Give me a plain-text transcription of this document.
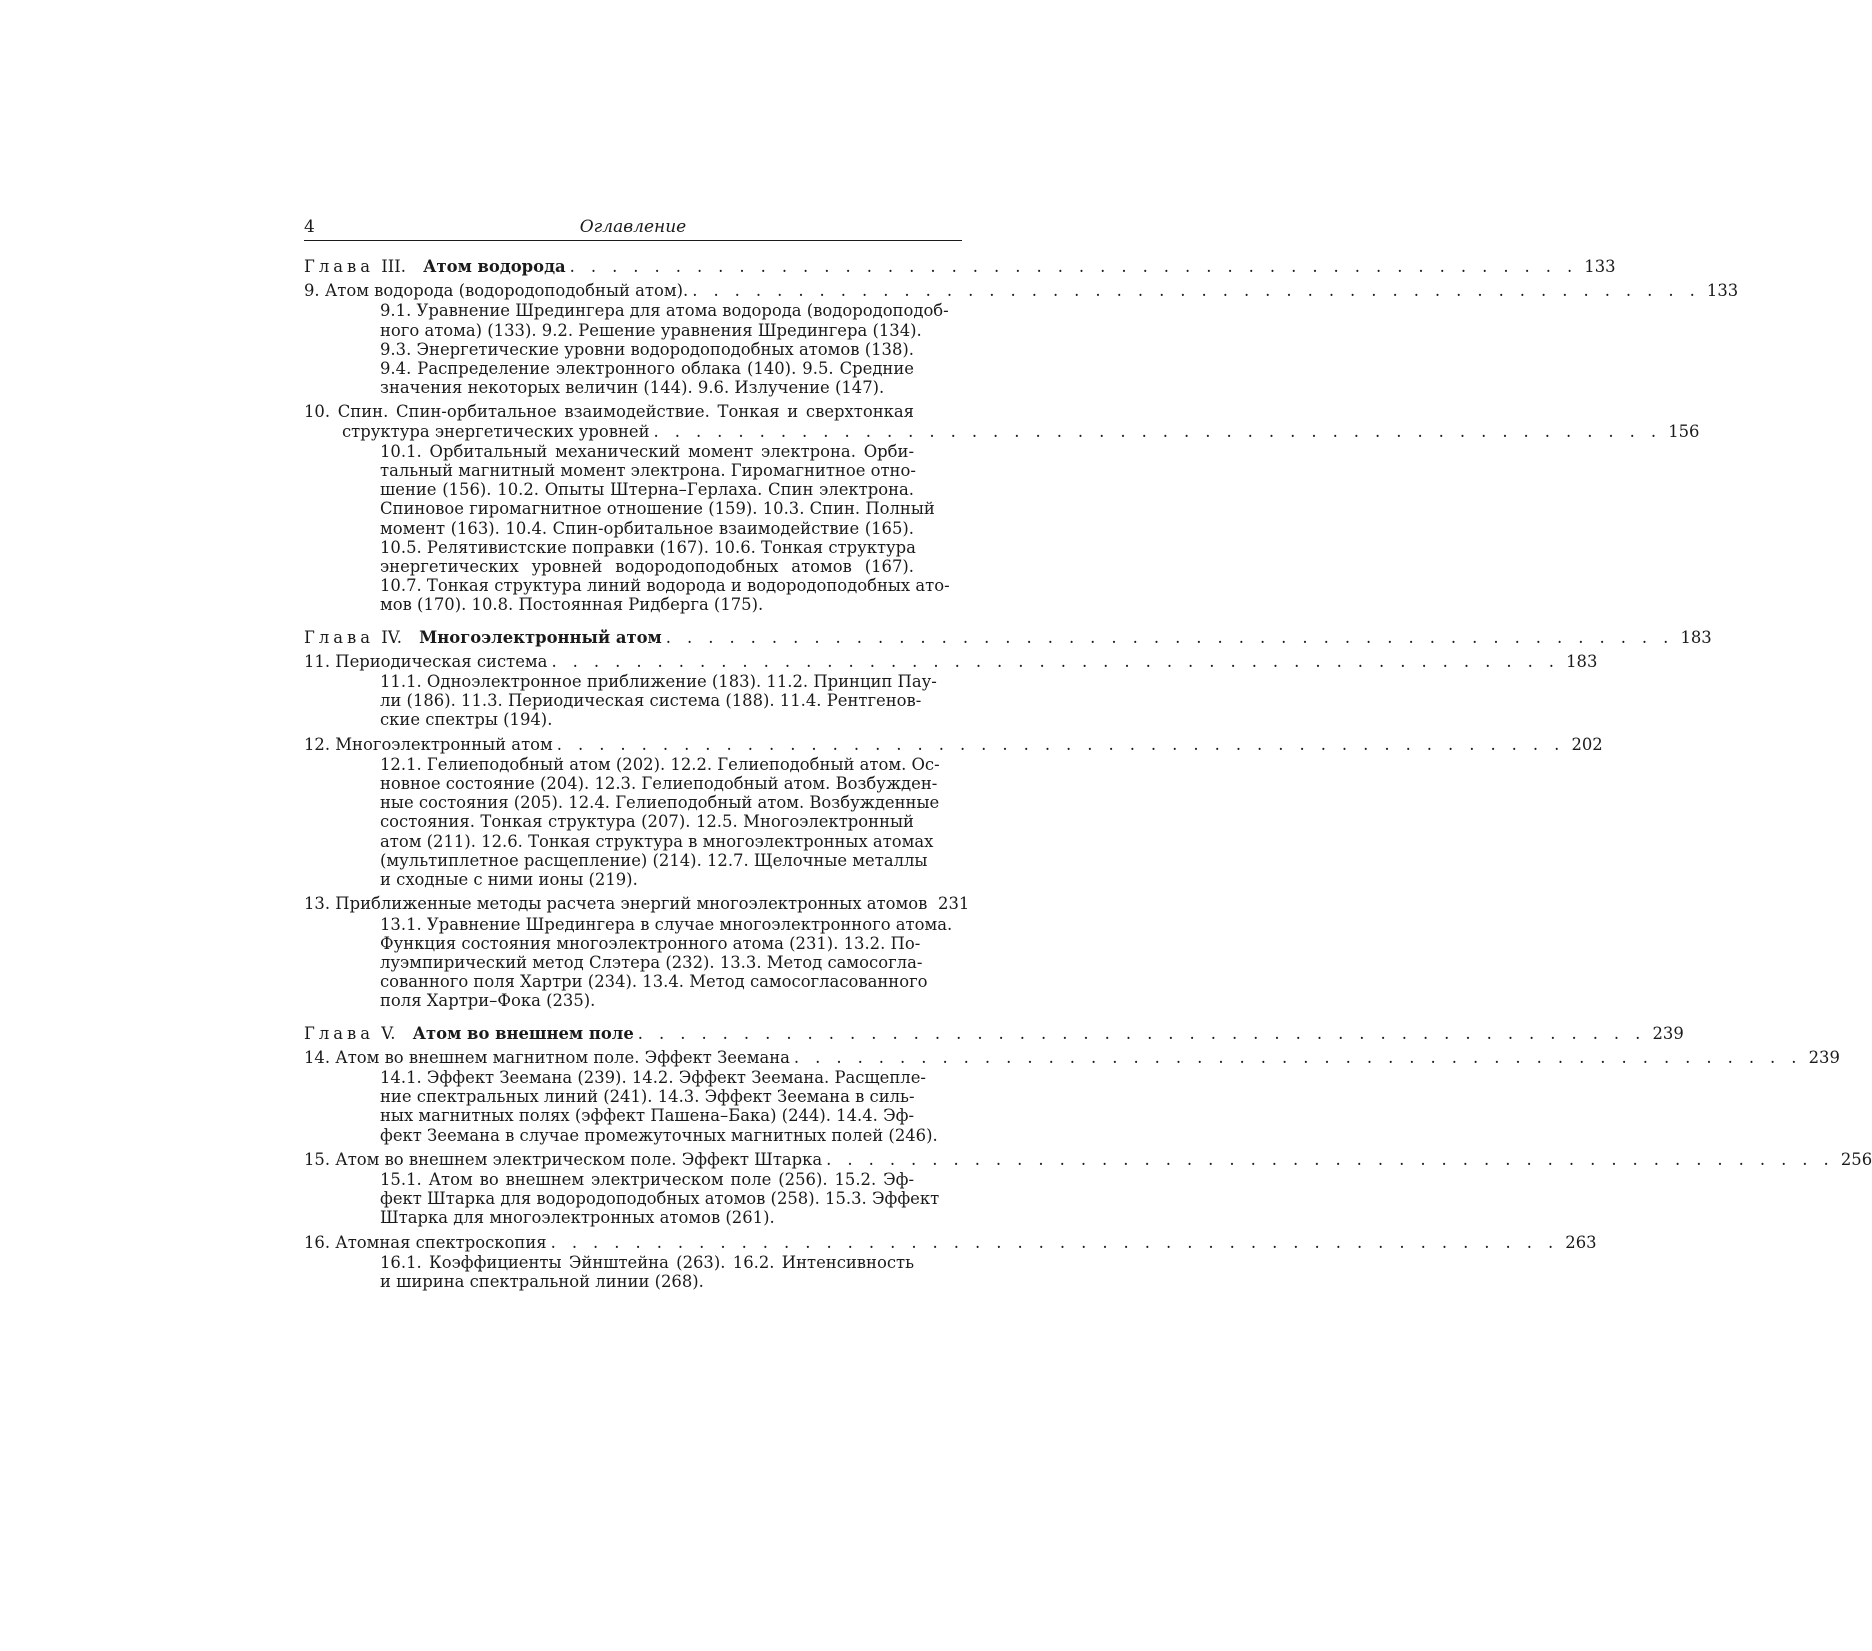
4	Оглавление
Глава III. Атом водорода . . . . . . . . . . . . . . . . . . . . . . . . . . . . . . . . . . . . . . . . . . . . . . . . 133
9. Атом водорода (водородоподобный атом). . . . . . . . . . . . . . . . . . . . . . . . . . . . . . . . . . . . . . . . . . . . . . . . . 133
9.1. Уравнение Шредингера для атома водорода (водородоподоб-
ного атома) (133). 9.2. Решение уравнения Шредингера (134).
9.3. Энергетические уровни водородоподобных атомов (138).
9.4. Распределение электронного облака (140). 9.5. Средние
значения некоторых величин (144). 9.6. Излучение (147).
10. Спин. Спин-орбитальное взаимодействие. Тонкая и сверхтонкая
структура энергетических уровней . . . . . . . . . . . . . . . . . . . . . . . . . . . . . . . . . . . . . . . . . . . . . . . . 156
10.1. Орбитальный механический момент электрона. Орби-
тальный магнитный момент электрона. Гиромагнитное отно-
шение (156). 10.2. Опыты Штерна–Герлаха. Спин электрона.
Спиновое гиромагнитное отношение (159). 10.3. Спин. Полный
момент (163). 10.4. Спин-орбитальное взаимодействие (165).
10.5. Релятивистские поправки (167). 10.6. Тонкая структура
энергетических уровней водородоподобных атомов (167).
10.7. Тонкая структура линий водорода и водородоподобных ато-
мов (170). 10.8. Постоянная Ридберга (175).
Глава IV. Многоэлектронный атом . . . . . . . . . . . . . . . . . . . . . . . . . . . . . . . . . . . . . . . . . . . . . . . . 183
11. Периодическая система . . . . . . . . . . . . . . . . . . . . . . . . . . . . . . . . . . . . . . . . . . . . . . . . 183
11.1. Одноэлектронное приближение (183). 11.2. Принцип Пау-
ли (186). 11.3. Периодическая система (188). 11.4. Рентгенов-
ские спектры (194).
12. Многоэлектронный атом . . . . . . . . . . . . . . . . . . . . . . . . . . . . . . . . . . . . . . . . . . . . . . . . 202
12.1. Гелиеподобный атом (202). 12.2. Гелиеподобный атом. Ос-
новное состояние (204). 12.3. Гелиеподобный атом. Возбужден-
ные состояния (205). 12.4. Гелиеподобный атом. Возбужденные
состояния. Тонкая структура (207). 12.5. Многоэлектронный
атом (211). 12.6. Тонкая структура в многоэлектронных атомах
(мультиплетное расщепление) (214). 12.7. Щелочные металлы
и сходные с ними ионы (219).
13. Приближенные методы расчета энергий многоэлектронных атомов 231
13.1. Уравнение Шредингера в случае многоэлектронного атома.
Функция состояния многоэлектронного атома (231). 13.2. По-
луэмпирический метод Слэтера (232). 13.3. Метод самосогла-
сованного поля Хартри (234). 13.4. Метод самосогласованного
поля Хартри–Фока (235).
Глава V. Атом во внешнем поле . . . . . . . . . . . . . . . . . . . . . . . . . . . . . . . . . . . . . . . . . . . . . . . . 239
14. Атом во внешнем магнитном поле. Эффект Зеемана . . . . . . . . . . . . . . . . . . . . . . . . . . . . . . . . . . . . . . . . . . . . . . . . 239
14.1. Эффект Зеемана (239). 14.2. Эффект Зеемана. Расщепле-
ние спектральных линий (241). 14.3. Эффект Зеемана в силь-
ных магнитных полях (эффект Пашена–Бака) (244). 14.4. Эф-
фект Зеемана в случае промежуточных магнитных полей (246).
15. Атом во внешнем электрическом поле. Эффект Штарка . . . . . . . . . . . . . . . . . . . . . . . . . . . . . . . . . . . . . . . . . . . . . . . . 256
15.1. Атом во внешнем электрическом поле (256). 15.2. Эф-
фект Штарка для водородоподобных атомов (258). 15.3. Эффект
Штарка для многоэлектронных атомов (261).
16. Атомная спектроскопия . . . . . . . . . . . . . . . . . . . . . . . . . . . . . . . . . . . . . . . . . . . . . . . . 263
16.1. Коэффициенты Эйнштейна (263). 16.2. Интенсивность
и ширина спектральной линии (268).
